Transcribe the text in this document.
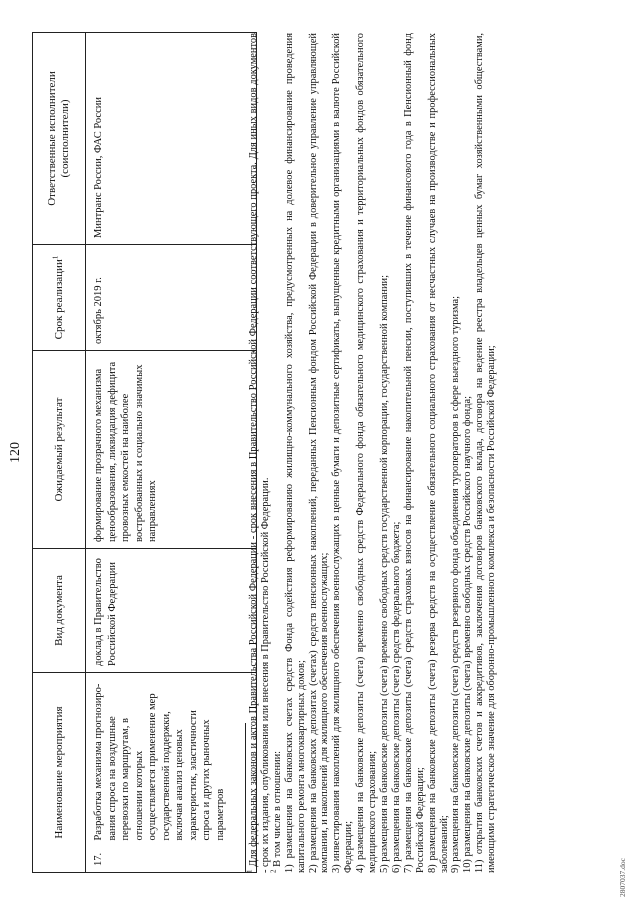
120
Наименование мероприятия		Вид документа	Ожидаемый результат	Срок реализации$^1$	Ответственные исполнители (соисполнители)
17.	Разработка механизма прогнозиро-вания спроса на воздушные перевозки по маршрутам, в отношении которых осуществляется применение мер государственной поддержки, включая анализ ценовых характеристик, эластичности спроса и других рыночных параметров	доклад в Правительство Российской Федерации	формирование прозрачного механизма ценообразования, ликвидация дефицита провозных емкостей на наиболее востребованных и социально значимых направлениях	октябрь 2019 г.	Минтранс России, ФАС России

$^1$ Для федеральных законов и актов Правительства Российской Федерации - срок внесения в Правительство Российской Федерации соответствующего проекта. Для иных видов документов - срок их издания, опубликования или внесения в Правительство Российской Федерации.

$^2$ В том числе в отношении: 1) размещения на банковских счетах средств Фонда содействия реформированию жилищно-коммунального хозяйства, предусмотренных на долевое финансирование проведения капитального ремонта многоквартирных домов; 2) размещения на банковских депозитах (счетах) средств пенсионных накоплений, переданных Пенсионным фондом Российской Федерации в доверительное управление управляющей компании, и накоплений для жилищного обеспечения военнослужащих; 3) инвестирования накоплений для жилищного обеспечения военнослужащих в ценные бумаги и депозитные сертификаты, выпущенные кредитными организациями в валюте Российской Федерации; 4) размещения на банковские депозиты (счета) временно свободных средств Федерального фонда обязательного медицинского страхования и территориальных фондов обязательного медицинского страхования; 5) размещения на банковские депозиты (счета) временно свободных средств государственной корпорации, государственной компании; 6) размещения на банковские депозиты (счета) средств федерального бюджета; 7) размещения на банковские депозиты (счета) средств страховых взносов на финансирование накопительной пенсии, поступивших в течение финансового года в Пенсионный фонд Российской Федерации; 8) размещения на банковские депозиты (счета) резерва средств на осуществление обязательного социального страхования от несчастных случаев на производстве и профессиональных заболеваний; 9) размещения на банковские депозиты (счета) средств резервного фонда объединения туроператоров в сфере выездного туризма; 10) размещения на банковские депозиты (счета) временно свободных средств Российского научного фонда; 11) открытия банковских счетов и аккредитивов, заключения договоров банковского вклада, договора на ведение реестра владельцев ценных бумаг хозяйственными обществами, имеющими стратегическое значение для оборонно-промышленного комплекса и безопасности Российской Федерации;

2807037.doc
